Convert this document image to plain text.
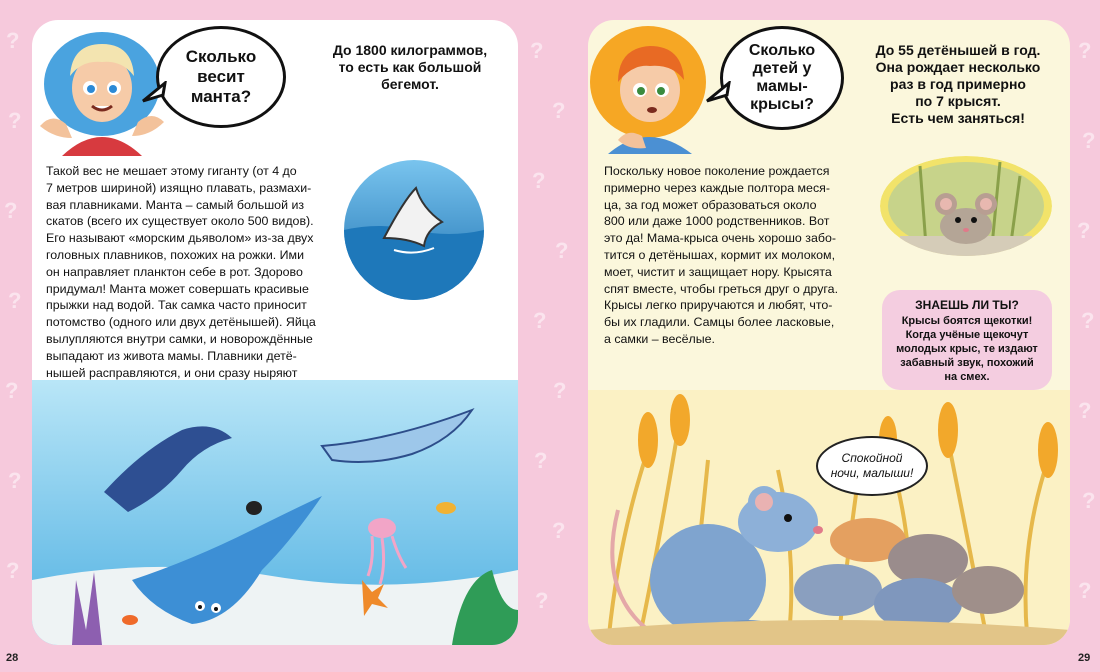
?
?
?
?
?
?
?
?
?
?
?
?
?
?
?
?
?
?
?
?
?
?
?
Сколько весит манта?
До 1800 килограммов,
то есть как большой
бегемот.
Такой вес не мешает этому гиганту (от 4 до
7 метров шириной) изящно плавать, размахи-
вая плавниками. Манта – самый большой из
скатов (всего их существует около 500 видов).
Его называют «морским дьяволом» из-за двух
головных плавников, похожих на рожки. Ими
он направляет планктон себе в рот. Здорово
придумал! Манта может совершать красивые
прыжки над водой. Так самка часто приносит
потомство (одного или двух детёнышей). Яйца
вылупляются внутри самки, и новорождённые
выпадают из живота мамы. Плавники детё-
нышей расправляются, и они сразу ныряют

Сколько детей у мамы-крысы?
До 55 детёнышей в год.
Она рождает несколько
раз в год примерно
по 7 крысят.
Есть чем заняться!
Поскольку новое поколение рождается
примерно через каждые полтора меся-
ца, за год может образоваться около
800 или даже 1000 родственников. Вот
это да! Мама-крыса очень хорошо забо-
тится о детёнышах, кормит их молоком,
моет, чистит и защищает нору. Крысята
спят вместе, чтобы греться друг о друга.
Крысы легко приручаются и любят, что-
бы их гладили. Самцы более ласковые,
а самки – весёлые.
ЗНАЕШЬ ЛИ ТЫ?
Крысы боятся щекотки!
Когда учёные щекочут
молодых крыс, те издают
забавный звук, похожий
на смех.
Спокойной
ночи, малыши!
28	29
